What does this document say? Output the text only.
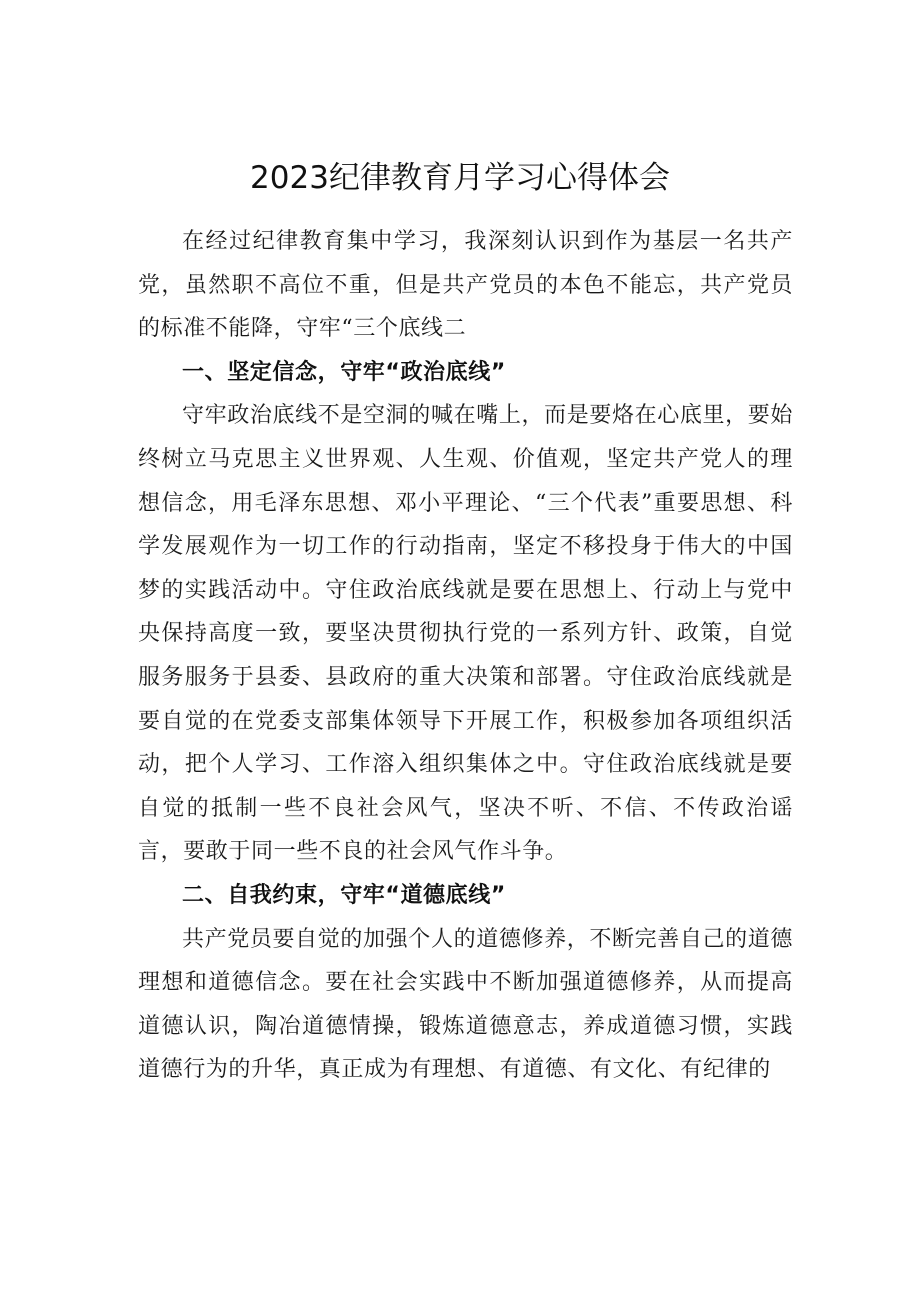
2023纪律教育月学习心得体会

在经过纪律教育集中学习，我深刻认识到作为基层一名共产党，虽然职不高位不重，但是共产党员的本色不能忘，共产党员的标准不能降，守牢“三个底线二

一、坚定信念，守牢“政治底线”

守牢政治底线不是空洞的喊在嘴上，而是要烙在心底里，要始终树立马克思主义世界观、人生观、价值观，坚定共产党人的理想信念，用毛泽东思想、邓小平理论、“三个代表”重要思想、科学发展观作为一切工作的行动指南，坚定不移投身于伟大的中国梦的实践活动中。守住政治底线就是要在思想上、行动上与党中央保持高度一致，要坚决贯彻执行党的一系列方针、政策，自觉服务服务于县委、县政府的重大决策和部署。守住政治底线就是要自觉的在党委支部集体领导下开展工作，积极参加各项组织活动，把个人学习、工作溶入组织集体之中。守住政治底线就是要自觉的抵制一些不良社会风气，坚决不听、不信、不传政治谣言，要敢于同一些不良的社会风气作斗争。

二、自我约束，守牢“道德底线”

共产党员要自觉的加强个人的道德修养，不断完善自己的道德理想和道德信念。要在社会实践中不断加强道德修养，从而提高道德认识，陶冶道德情操，锻炼道德意志，养成道德习惯，实践道德行为的升华，真正成为有理想、有道德、有文化、有纪律的
